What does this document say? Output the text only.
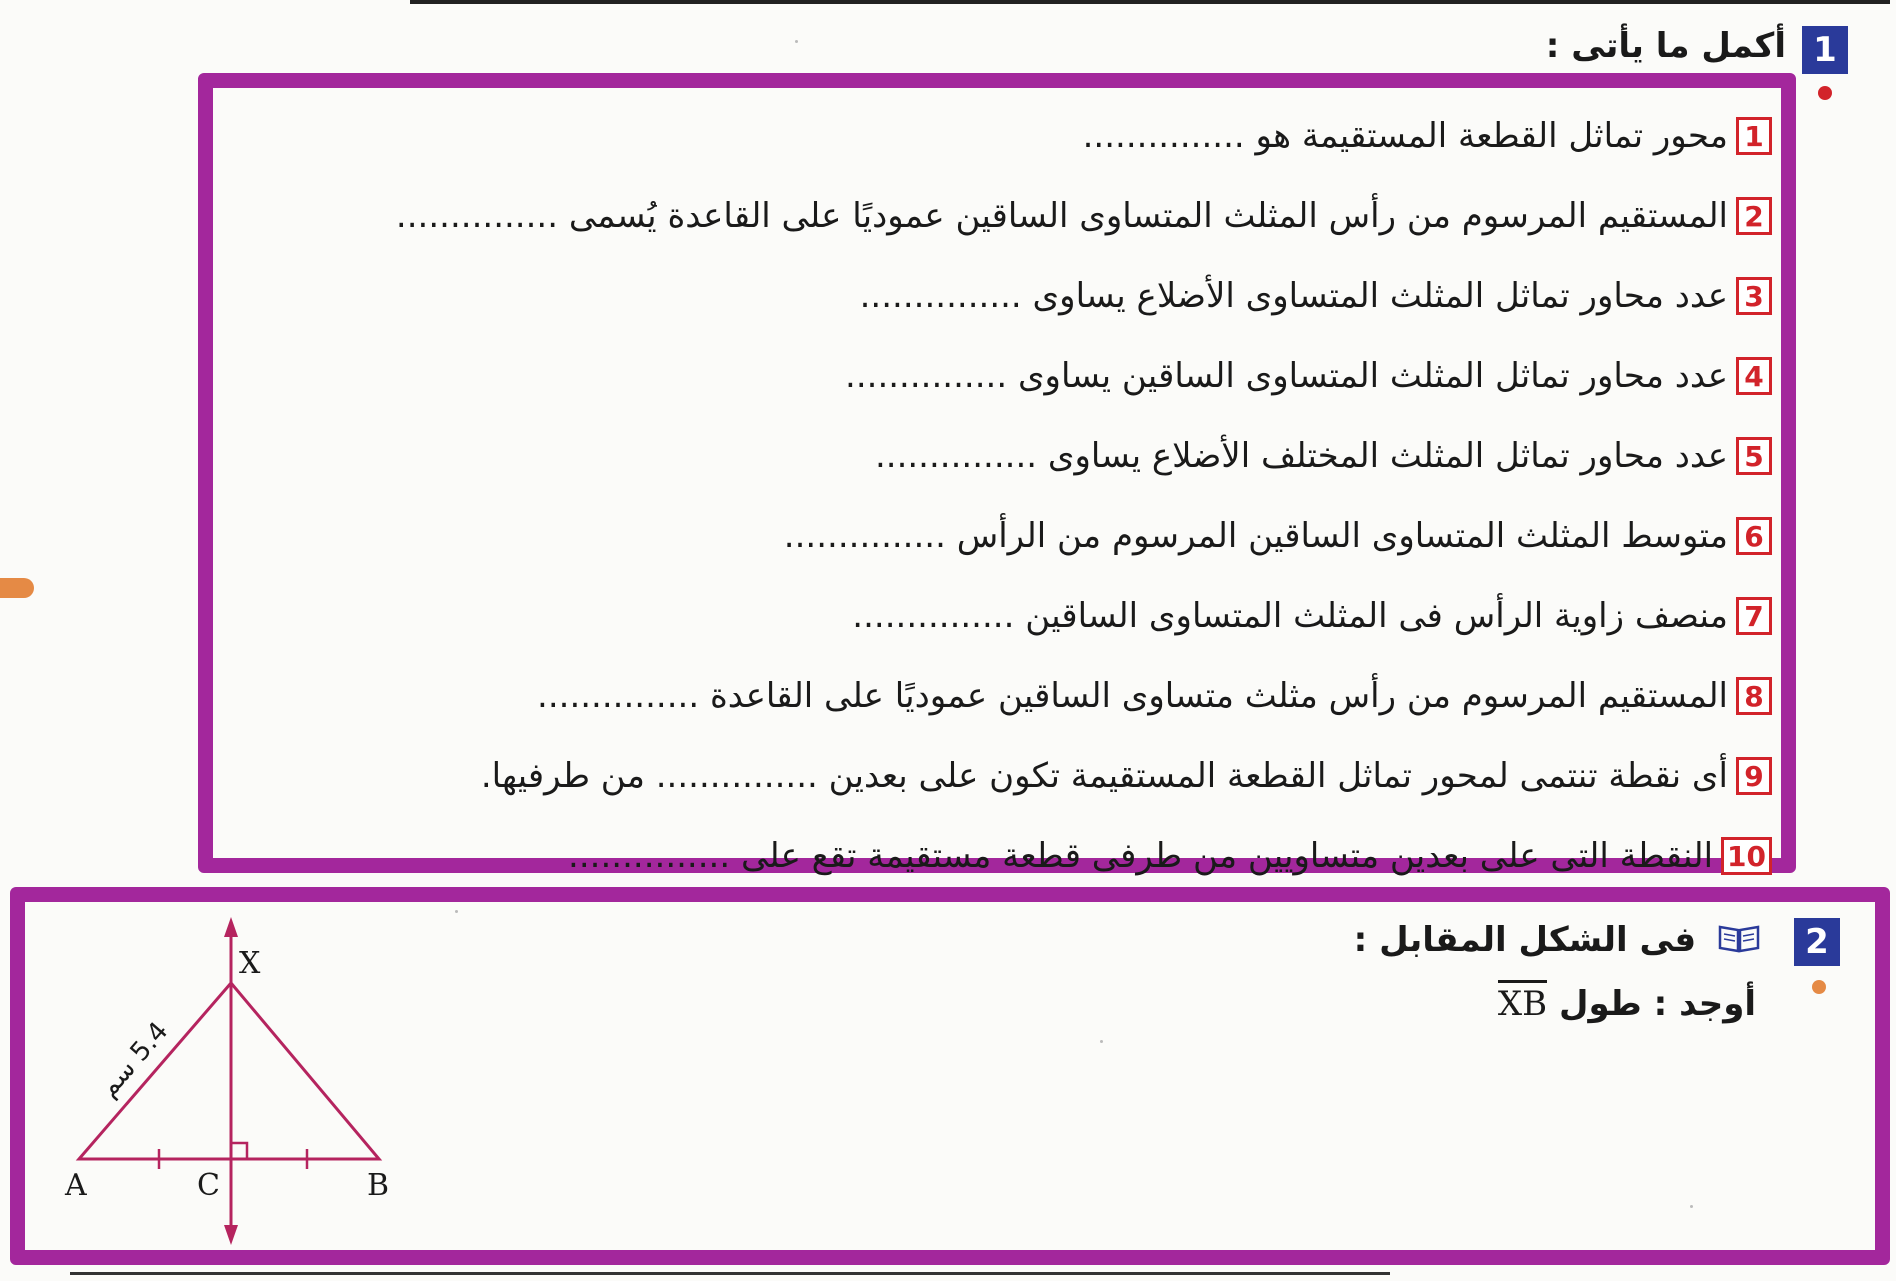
1
أكمل ما يأتى :
1
محور تماثل القطعة المستقيمة هو ...............
2
المستقيم المرسوم من رأس المثلث المتساوى الساقين عموديًا على القاعدة يُسمى ...............
3
عدد محاور تماثل المثلث المتساوى الأضلاع يساوى ...............
4
عدد محاور تماثل المثلث المتساوى الساقين يساوى ...............
5
عدد محاور تماثل المثلث المختلف الأضلاع يساوى ...............
6
متوسط المثلث المتساوى الساقين المرسوم من الرأس ...............
7
منصف زاوية الرأس فى المثلث المتساوى الساقين ...............
8
المستقيم المرسوم من رأس مثلث متساوى الساقين عموديًا على القاعدة ...............
9
أى نقطة تنتمى لمحور تماثل القطعة المستقيمة تكون على بعدين ............... من طرفيها.
10
النقطة التى على بعدين متساويين من طرفى قطعة مستقيمة تقع على ...............
2
فى الشكل المقابل :
أوجد : طول XB
X
A	C	B
5.4 سم
